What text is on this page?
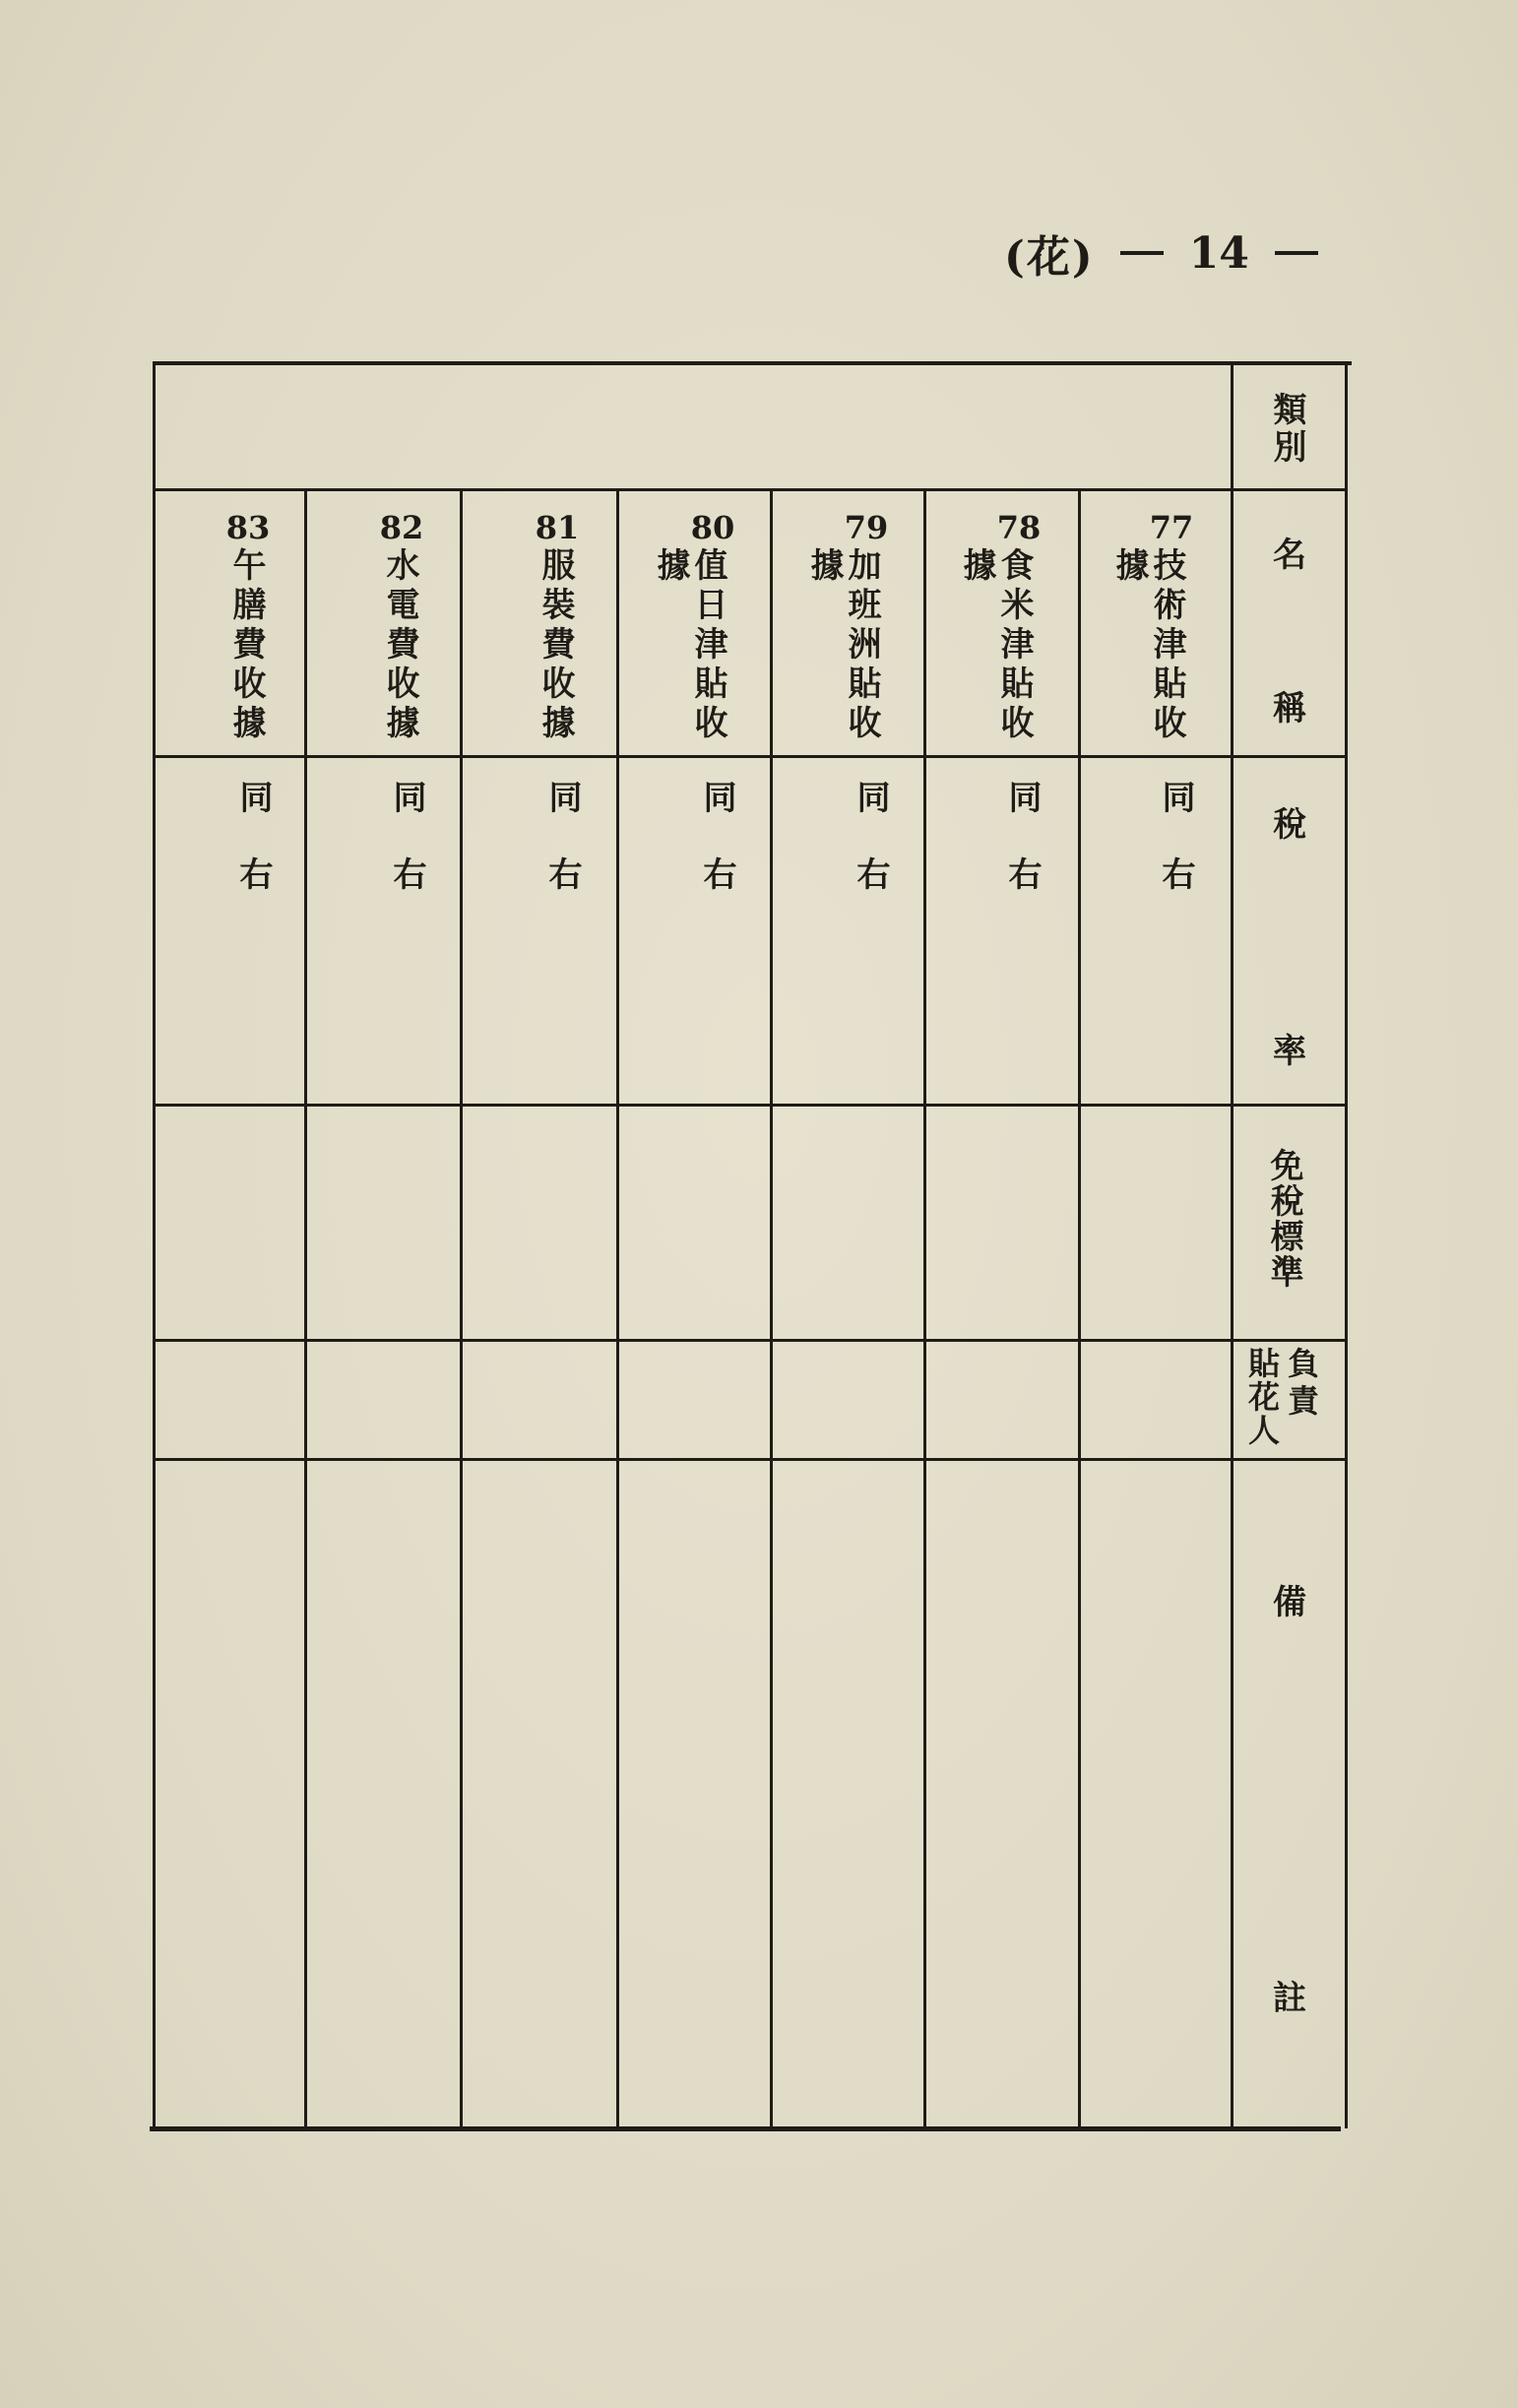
(花) 14
類別
名
稱
稅
率
免稅標準
負責
貼花人
備
註
77
技術津貼收
據
同右
78
食米津貼收
據
同右
79
加班洲貼收
據
同右
80
值日津貼收
據
同右
81
服裝費收據
同右
82
水電費收據
同右
83
午膳費收據
同右
